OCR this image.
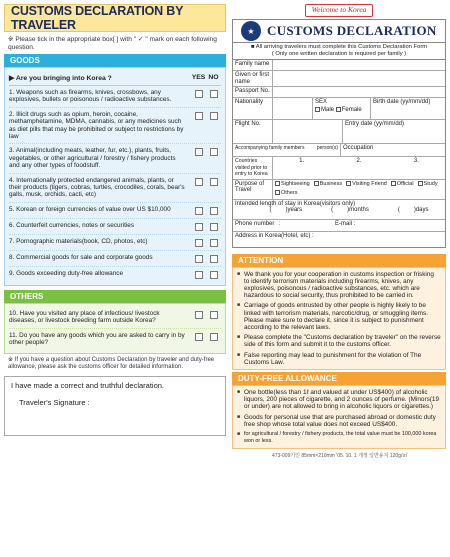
CUSTOMS DECLARATION BY TRAVELER
※ Please tick in the appropriate box[ ] with " ✓ " mark on each following question.
GOODS
▶ Are you bringing into Korea ?	YES NO
1. Weapons such as firearms, knives, crossbows, any explosives, bullets or poisonous / radioactive substances.
2. Illicit drugs such as opium, heroin, cocaine, methamphetamine, MDMA, cannabis, or any medicines such as diet pills that may be prohibited or subject to restrictions by law
3. Animal(including meats, leather, fur, etc.), plants, fruits, vegetables, or other agricultural / forestry / fishery products and any other types of foodstuff.
4. Internationally protected endangered animals, plants, or their products (tigers, cobras, turtles, crocodiles, corals, bear's galls, musk, orchids, cacti, etc)
5. Korean or foreign currencies of value over US $10,000
6. Counterfeit currencies, notes or securities
7. Pornographic materials(book, CD, photos, etc)
8. Commercial goods for sale and corporate goods
9. Goods exceeding duty-free allowance
OTHERS
10. Have you visited any place of infectious/ livestock diseases, or livestock breeding farm outside Korea?
11. Do you have any goods which you are asked to carry in by other people?
※ If you have a question about Customs Declaration by traveler and duty-free allowance, please ask the customs officer for detailed information.
I have made a correct and truthful declaration.
Traveler's Signature :
Welcome to Korea
★ CUSTOMS DECLARATION
■ All arriving travelers must complete this Customs Declaration Form
( Only one written declaration is required per family )
Family name
Given or first name
Passport No.
Nationality	SEX
Male Female
Birth date (yy/mm/dd)
Flight No.	Entry date (yy/mm/dd)
Accompanying family members person(s) Occupation
Countries visited prior to entry to Korea
1.	2.	3.
Purpose of Travel
Sightseeing	Business	Visiting Friend	Official	Study
Others
Intended length of stay in Korea(visitors only)
( )years	( )months	( )days
Phone number :	E-mail :
Address in Korea(Hotel, etc) :
ATTENTION
■ We thank you for your cooperation in customs inspection or frisking to identify terrorism materials including firearms, knives, any explosives, poisonous / radioactive substances, etc. which are hazardous to social security, thus prohibited to be carried in.
■ Carriage of goods entrusted by other people is highly likely to be linked with terrorism materials, narcotic/drug, or smuggling items. Please make sure to declare it, since it is subject to punishment according to the relevant laws.
■ Please complete the "Customs declaration by traveler" on the reverse side of this form and submit it to the customs officer.
■ False reporting may lead to punishment for the violation of The Customs Law.
DUTY-FREE ALLOWANCE
■ One bottle(less than 1ℓ and valued at under US$400) of alcoholic liquors, 200 pieces of cigarette, and 2 ounces of perfume. (Minors(19 or under) are not allowed to bring in alcoholic liquors or cigarettes.)
■ Goods for personal use that are purchased abroad or domestic duty free shop whose total value does not exceed US$400.
■ for agricultural / forestry / fishery products, the total value must be 100,000 korea won or less.
473-009기인 85mm×210mm '05. 10. 1 개정 일반용지 120g/㎡
